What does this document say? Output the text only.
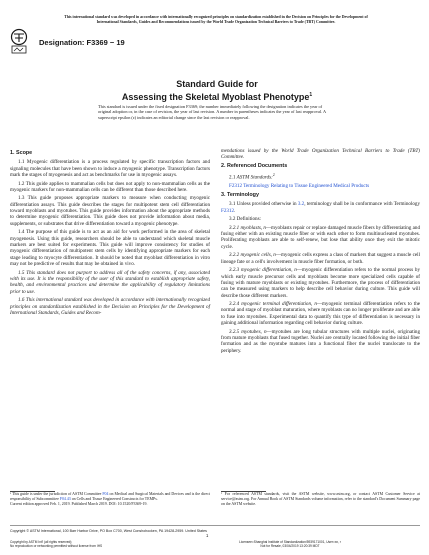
This international standard was developed in accordance with internationally recognized principles on standardization established in the Decision on Principles for the Development of International Standards, Guides and Recommendations issued by the World Trade Organization Technical Barriers to Trade (TBT) Committee.
Designation: F3369 − 19
Standard Guide for
Assessing the Skeletal Myoblast Phenotype$^1$
This standard is issued under the fixed designation F3369; the number immediately following the designation indicates the year of original adoption or, in the case of revision, the year of last revision. A number in parentheses indicates the year of last reapproval. A superscript epsilon (ε) indicates an editorial change since the last revision or reapproval.
1. Scope

1.1 Myogenic differentiation is a process regulated by specific transcription factors and signaling molecules that have been shown to induce a myogenic phenotype. Transcription factors mark the stages of myogenesis and act as benchmarks for use in myogenic assays.

1.2 This guide applies to mammalian cells but does not apply to non-mammalian cells as the myogenic markers for non-mammalian cells can be different than those described here.

1.3 This guide proposes appropriate markers to measure when conducting myogenic differentiation assays. This guide describes the stages for multipotent stem cell differentiation toward myoblasts and myotubes. This guide provides information about the appropriate methods to determine myogenic differentiation. This guide does not provide information about media, supplements, or substrates that drive differentiation toward a myogenic phenotype.

1.4 The purpose of this guide is to act as an aid for work performed in the area of skeletal myogenesis. Using this guide, researchers should be able to understand which skeletal muscle markers are best suited for experiments. This guide will improve consistency for studies of myogenic differentiation of multipotent stem cells by identifying appropriate markers for each stage leading to myocyte differentiation. It should be noted that myoblast differentiation in vitro may not be predictive of results that may be obtained in vivo.

1.5 This standard does not purport to address all of the safety concerns, if any, associated with its use. It is the responsibility of the user of this standard to establish appropriate safety, health, and environmental practices and determine the applicability of regulatory limitations prior to use.

1.6 This international standard was developed in accordance with internationally recognized principles on standardization established in the Decision on Principles for the Development of International Standards, Guides and Recom-

mendations issued by the World Trade Organization Technical Barriers to Trade (TBT) Committee.

2. Referenced Documents

2.1 ASTM Standards:$^2$

F2312 Terminology Relating to Tissue Engineered Medical Products

3. Terminology

3.1 Unless provided otherwise in 3.2, terminology shall be in conformance with Terminology F2312.

3.2 Definitions:

3.2.1 myoblasts, n—myoblasts repair or replace damaged muscle fibers by differentiating and fusing either with an existing muscle fiber or with each other to form multinucleated myotubes. Proliferating myoblasts are able to self-renew, but lose that ability once they exit the mitotic cycle.

3.2.2 myogenic cells, n—myogenic cells express a class of markers that suggest a muscle cell lineage fate or a cell's involvement in muscle fiber formation, or both.

3.2.3 myogenic differentiation, n—myogenic differentiation refers to the normal process by which early muscle precursor cells and myoblasts become more specialized cells capable of fusing with mature myoblasts or existing myotubes. Furthermore, the process of differentiation can be measured using markers to help describe cell behavior during culture. This guide will describe those different markers.

3.2.4 myogenic terminal differentiation, n—myogenic terminal differentiation refers to the normal and stage of myoblast maturation, where myoblasts can no longer proliferate and are able to fuse into myotubes. Experimental data to quantify this type of differentiation is necessary in gaining additional information regarding cell behavior during culture.

3.2.5 myotubes, n—myotubes are long tubular structures with multiple nuclei, originating from mature myoblasts that fused together. Nuclei are centrally located following the initial fiber formation and as the myotube matures into a functional fiber the nuclei translocate to the periphery.

¹ This guide is under the jurisdiction of ASTM Committee F04 on Medical and Surgical Materials and Devices and is the direct responsibility of Subcommittee F04.43 on Cells and Tissue Engineered Constructs for TEMPs.
Current edition approved Feb. 1, 2019. Published March 2019. DOI: 10.1520/F3369-19.
² For referenced ASTM standards, visit the ASTM website, www.astm.org, or contact ASTM Customer Service at service@astm.org. For Annual Book of ASTM Standards volume information, refer to the standard's Document Summary page on the ASTM website.
Copyright © ASTM International, 100 Barr Harbor Drive, PO Box C700, West Conshohocken, PA 19428-2959. United States
1
Copyright by ASTM Int'l (all rights reserved);
No reproduction or networking permitted without license from IHS
Licensee=Shanghai Institute of Standardization/5939171001, User=xx, r
Not for Resale, 03/04/2019 13:20:39 MDT
